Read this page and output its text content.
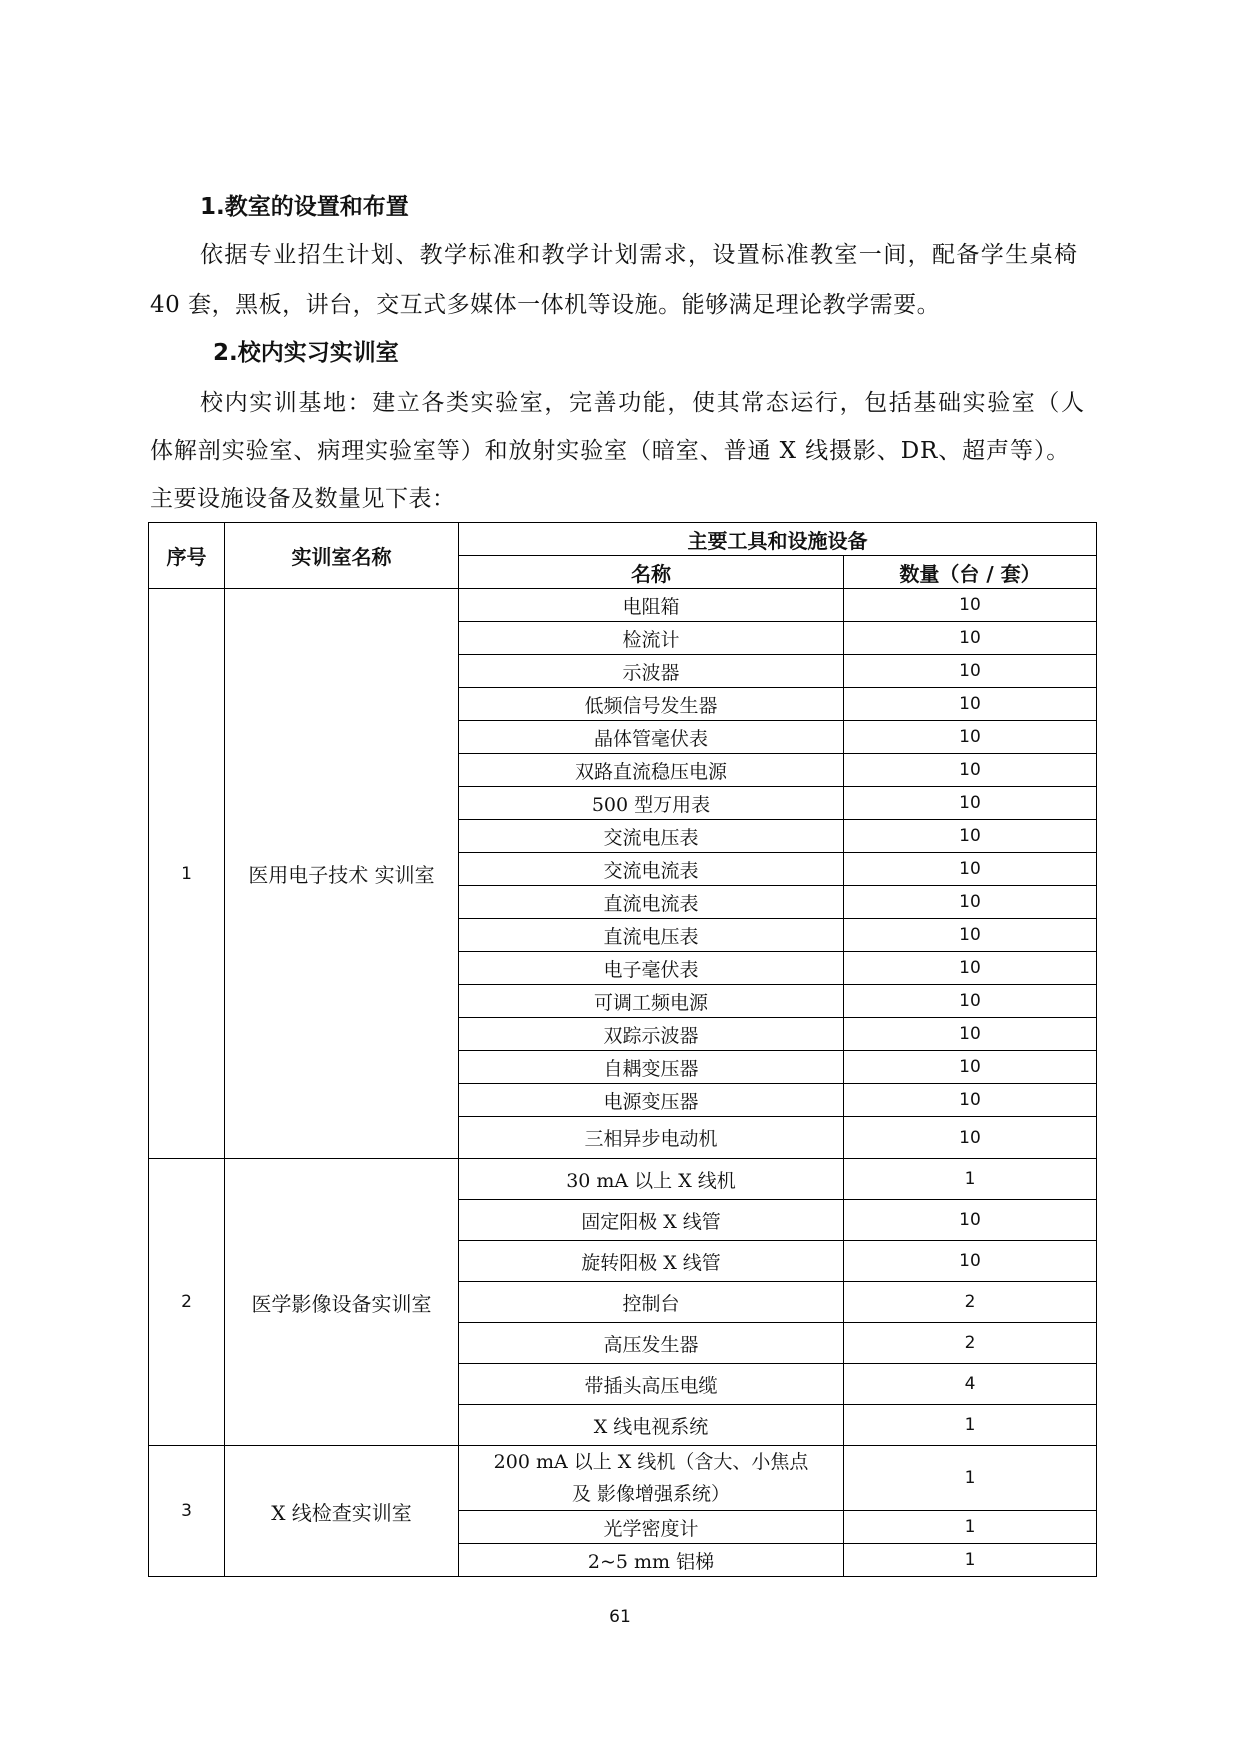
1.教室的设置和布置
依据专业招生计划、教学标准和教学计划需求，设置标准教室一间，配备学生桌椅
40 套，黑板，讲台，交互式多媒体一体机等设施。能够满足理论教学需要。
2.校内实习实训室
校内实训基地：建立各类实验室，完善功能，使其常态运行，包括基础实验室（人
体解剖实验室、病理实验室等）和放射实验室（暗室、普通 X 线摄影、DR、超声等）。
主要设施设备及数量见下表：
序号	实训室名称	主要工具和设施设备	
		名称	数量（台 / 套）
1	医用电子技术 实训室	电阻箱	10
		检流计	10
		示波器	10
		低频信号发生器	10
		晶体管毫伏表	10
		双路直流稳压电源	10
		500 型万用表	10
		交流电压表	10
		交流电流表	10
		直流电流表	10
		直流电压表	10
		电子毫伏表	10
		可调工频电源	10
		双踪示波器	10
		自耦变压器	10
		电源变压器	10
		三相异步电动机	10
2	医学影像设备实训室	30 mA 以上 X 线机	1
		固定阳极 X 线管	10
		旋转阳极 X 线管	10
		控制台	2
		高压发生器	2
		带插头高压电缆	4
		X 线电视系统	1
3	X 线检查实训室	200 mA 以上 X 线机（含大、小焦点
及 影像增强系统）	1
		光学密度计	1
		2~5 mm 铝梯	1
61
